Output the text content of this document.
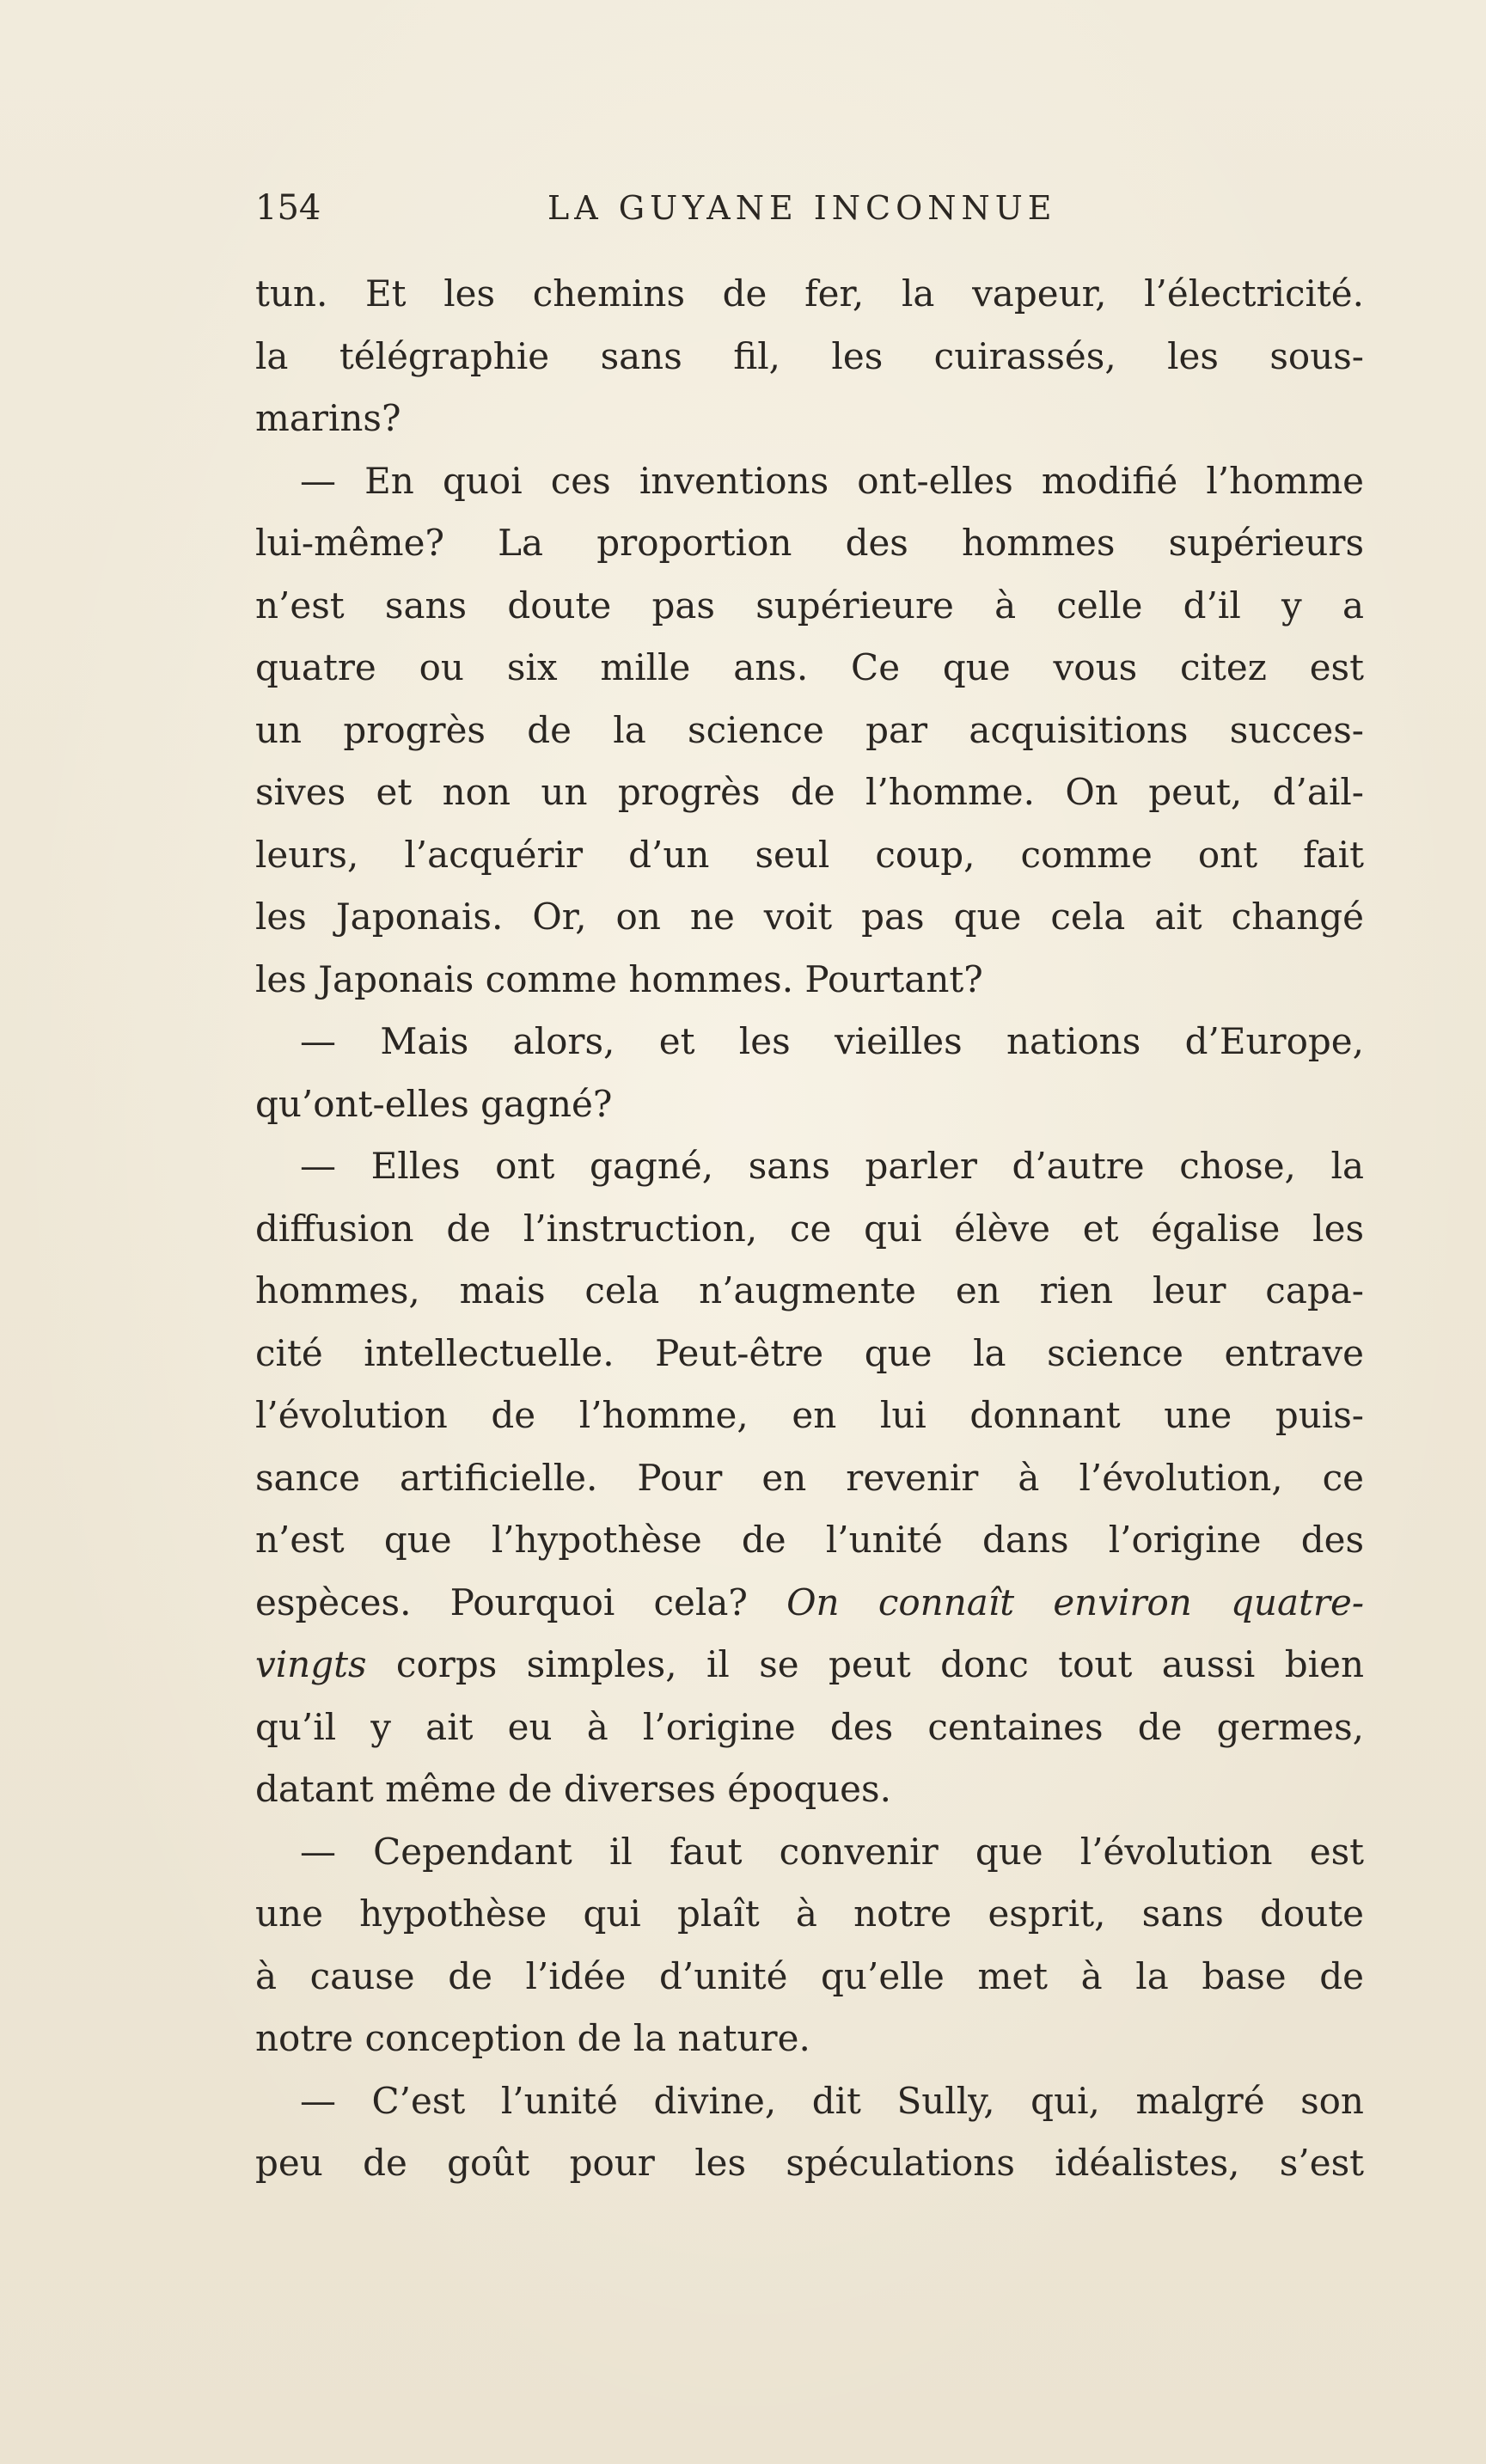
154	LA GUYANE INCONNUE
tun. Et les chemins de fer, la vapeur, l’électricité.
la télégraphie sans fil, les cuirassés, les sous-
marins?
— En quoi ces inventions ont-elles modifié l’homme
lui-même? La proportion des hommes supérieurs
n’est sans doute pas supérieure à celle d’il y a
quatre ou six mille ans. Ce que vous citez est
un progrès de la science par acquisitions succes-
sives et non un progrès de l’homme. On peut, d’ail-
leurs, l’acquérir d’un seul coup, comme ont fait
les Japonais. Or, on ne voit pas que cela ait changé
les Japonais comme hommes. Pourtant?
— Mais alors, et les vieilles nations d’Europe,
qu’ont-elles gagné?
— Elles ont gagné, sans parler d’autre chose, la
diffusion de l’instruction, ce qui élève et égalise les
hommes, mais cela n’augmente en rien leur capa-
cité intellectuelle. Peut-être que la science entrave
l’évolution de l’homme, en lui donnant une puis-
sance artificielle. Pour en revenir à l’évolution, ce
n’est que l’hypothèse de l’unité dans l’origine des
espèces. Pourquoi cela? On connaît environ quatre-
vingts corps simples, il se peut donc tout aussi bien
qu’il y ait eu à l’origine des centaines de germes,
datant même de diverses époques.
— Cependant il faut convenir que l’évolution est
une hypothèse qui plaît à notre esprit, sans doute
à cause de l’idée d’unité qu’elle met à la base de
notre conception de la nature.
— C’est l’unité divine, dit Sully, qui, malgré son
peu de goût pour les spéculations idéalistes, s’est
